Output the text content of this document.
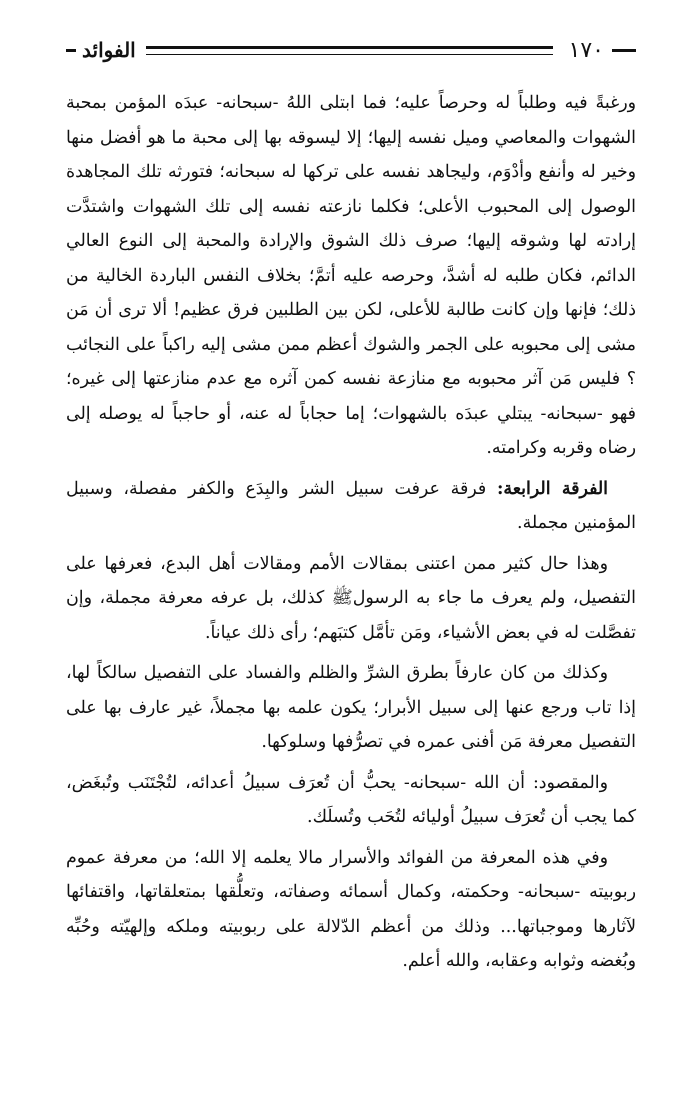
١٧٠
الفوائد

ورغبةً فيه وطلباً له وحرصاً عليه؛ فما ابتلى اللهُ -سبحانه- عبدَه المؤمن بمحبة الشهوات والمعاصي وميل نفسه إليها؛ إلا ليسوقه بها إلى محبة ما هو أفضل منها وخير له وأنفع وأدْوَم، وليجاهد نفسه على تركها له سبحانه؛ فتورثه تلك المجاهدة الوصول إلى المحبوب الأعلى؛ فكلما نازعته نفسه إلى تلك الشهوات واشتدَّت إرادته لها وشوقه إليها؛ صرف ذلك الشوق والإرادة والمحبة إلى النوع العالي الدائم، فكان طلبه له أشدَّ، وحرصه عليه أتمَّ؛ بخلاف النفس الباردة الخالية من ذلك؛ فإنها وإن كانت طالبة للأعلى، لكن بين الطلبين فرق عظيم! ألا ترى أن مَن مشى إلى محبوبه على الجمر والشوك أعظم ممن مشى إليه راكباً على النجائب ؟ فليس مَن آثر محبوبه مع منازعة نفسه كمن آثره مع عدم منازعتها إلى غيره؛ فهو -سبحانه- يبتلي عبدَه بالشهوات؛ إما حجاباً له عنه، أو حاجباً له يوصله إلى رضاه وقربه وكرامته.

الفرقة الرابعة: فرقة عرفت سبيل الشر والبِدَع والكفر مفصلة، وسبيل المؤمنين مجملة.

وهذا حال كثير ممن اعتنى بمقالات الأمم ومقالات أهل البدع، فعرفها على التفصيل، ولم يعرف ما جاء به الرسولﷺ كذلك، بل عرفه معرفة مجملة، وإن تفصَّلت له في بعض الأشياء، ومَن تأمَّل كتبَهم؛ رأى ذلك عياناً.

وكذلك من كان عارفاً بطرق الشرِّ والظلم والفساد على التفصيل سالكاً لها، إذا تاب ورجع عنها إلى سبيل الأبرار؛ يكون علمه بها مجملاً، غير عارف بها على التفصيل معرفة مَن أفنى عمره في تصرُّفها وسلوكها.

والمقصود: أن الله -سبحانه- يحبُّ أن تُعرَف سبيلُ أعدائه، لتُجْتَنَب وتُبغَض، كما يجب أن تُعرَف سبيلُ أوليائه لتُحَب وتُسلَك.

وفي هذه المعرفة من الفوائد والأسرار مالا يعلمه إلا الله؛ من معرفة عموم ربوبيته -سبحانه- وحكمته، وكمال أسمائه وصفاته، وتعلُّقها بمتعلقاتها، واقتفائها لآثارها وموجباتها... وذلك من أعظم الدّلالة على ربوبيته وملكه وإلهيّته وحُبِّه وبُغضه وثوابه وعقابه، والله أعلم.
